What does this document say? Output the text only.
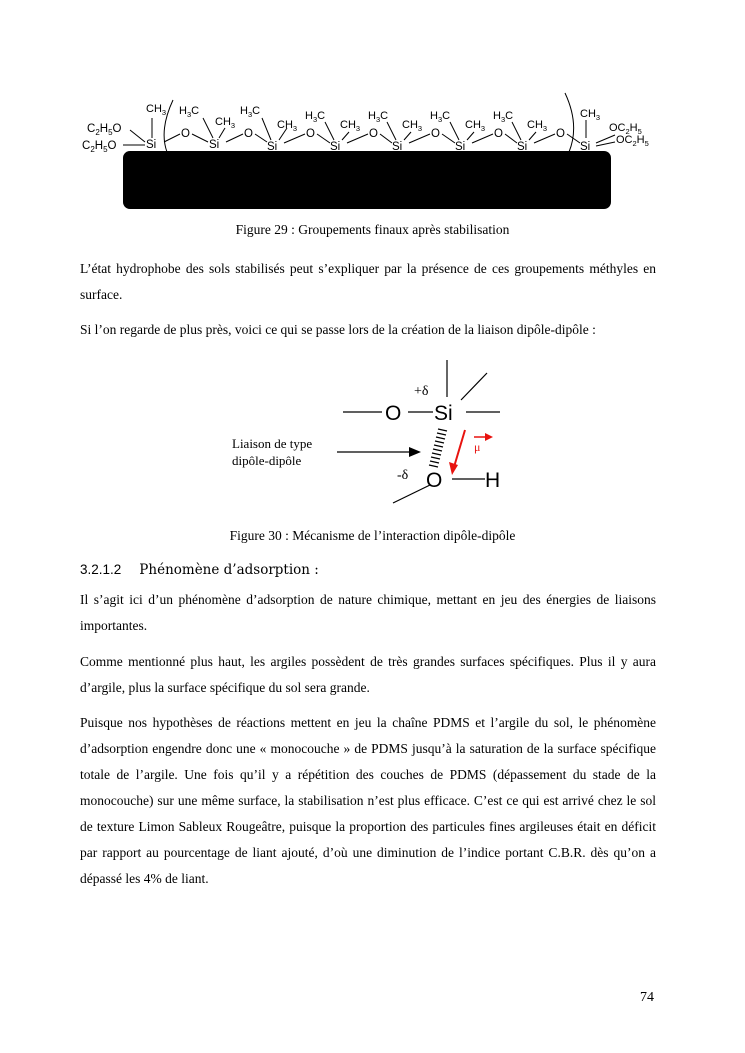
$C_2H_5O$
$C_2H_5O$	Si	Si	Si	Si	Si	Si	Si	Si
O	O	O	O	O	O	O
$CH_3$ $H_3C$
$CH_3$
$H_3C$
$CH_3$
$H_3C$
$CH_3$
$H_3C$
$CH_3$
$H_3C$
$CH_3$
$H_3C$
$CH_3$
$CH_3$
$OC_2H_5$
$OC_2H_5$
Figure 29 : Groupements finaux après stabilisation
L’état hydrophobe des sols stabilisés peut s’expliquer par la présence de ces groupements méthyles en surface.
Si l’on regarde de plus près, voici ce qui se passe lors de la création de la liaison dipôle-dipôle :
μ
+δ
-δ
O Si
O H
Liaison de type
dipôle-dipôle
Figure 30 : Mécanisme de l’interaction dipôle-dipôle
3.2.1.2 Phénomène d’adsorption :
Il s’agit ici d’un phénomène d’adsorption de nature chimique, mettant en jeu des énergies de liaisons importantes.
Comme mentionné plus haut, les argiles possèdent de très grandes surfaces spécifiques. Plus il y aura d’argile, plus la surface spécifique du sol sera grande.
Puisque nos hypothèses de réactions mettent en jeu la chaîne PDMS et l’argile du sol, le phénomène d’adsorption engendre donc une « monocouche » de PDMS jusqu’à la saturation de la surface spécifique totale de l’argile. Une fois qu’il y a répétition des couches de PDMS (dépassement du stade de la monocouche) sur une même surface, la stabilisation n’est plus efficace. C’est ce qui est arrivé chez le sol de texture Limon Sableux Rougeâtre, puisque la proportion des particules fines argileuses était en déficit par rapport au pourcentage de liant ajouté, d’où une diminution de l’indice portant C.B.R. dès qu’on a dépassé les 4% de liant.
74
